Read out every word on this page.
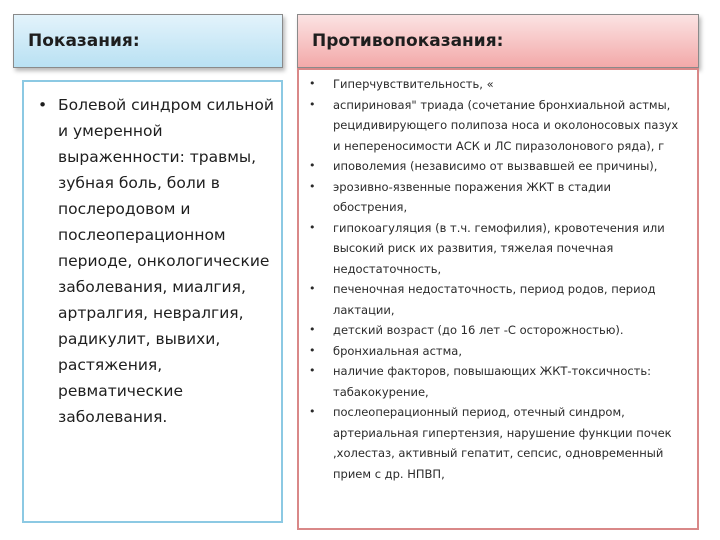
Показания:	Противопоказания:
• Болевой синдром сильной и умеренной выраженности: травмы, зубная боль, боли в послеродовом и послеоперационном периоде, онкологические заболевания, миалгия, артралгия, невралгия, радикулит, вывихи, растяжения, ревматические заболевания.
• Гиперчувствительность, «
• аспириновая" триада (сочетание бронхиальной астмы, рецидивирующего полипоза носа и околоносовых пазух и непереносимости АСК и ЛС пиразолонового ряда), г
• иповолемия (независимо от вызвавшей ее причины),
• эрозивно-язвенные поражения ЖКТ в стадии обострения,
• гипокоагуляция (в т.ч. гемофилия), кровотечения или высокий риск их развития, тяжелая почечная недостаточность,
• печеночная недостаточность, период родов, период лактации,
• детский возраст (до 16 лет -С осторожностью).
• бронхиальная астма,
• наличие факторов, повышающих ЖКТ-токсичность: табакокурение,
• послеоперационный период, отечный синдром, артериальная гипертензия, нарушение функции почек ,холестаз, активный гепатит, сепсис, одновременный прием с др. НПВП,
